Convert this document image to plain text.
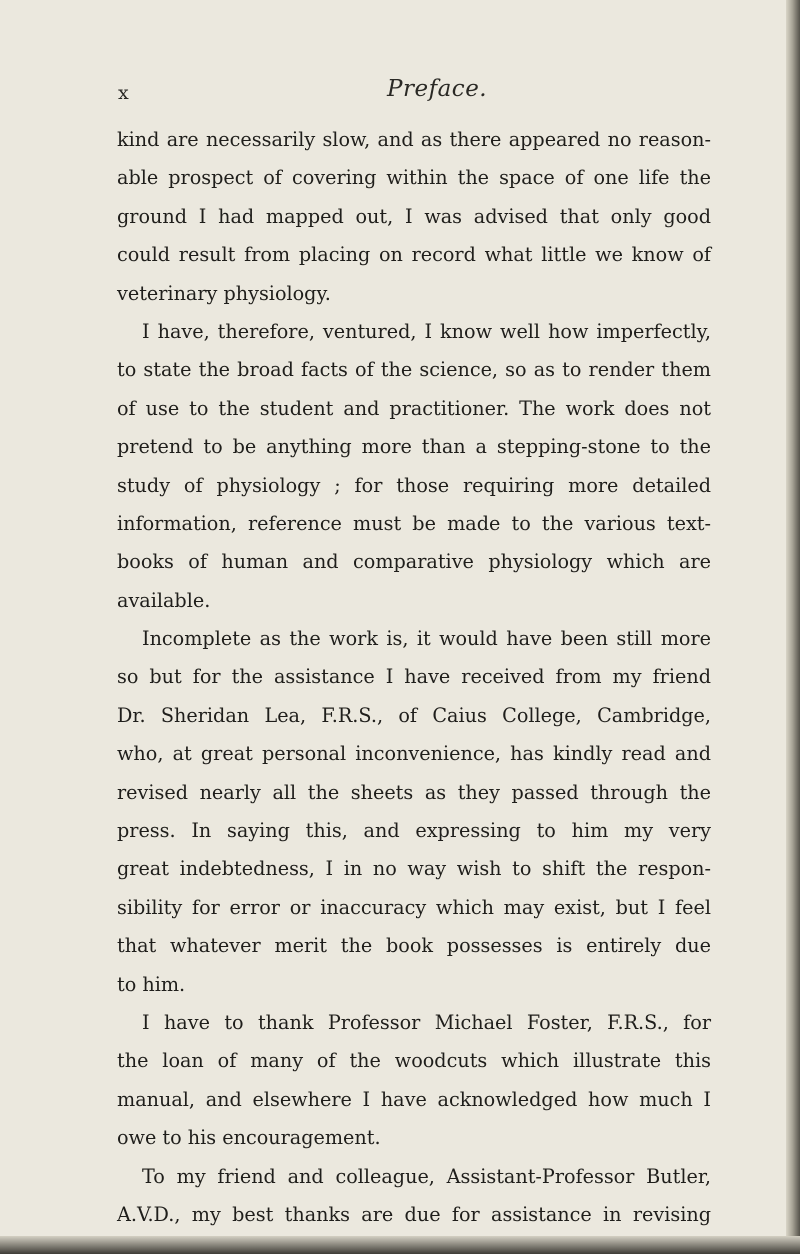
x	Preface.
kind are necessarily slow, and as there appeared no reason-
able prospect of covering within the space of one life the
ground I had mapped out, I was advised that only good
could result from placing on record what little we know of
veterinary physiology.
I have, therefore, ventured, I know well how imperfectly,
to state the broad facts of the science, so as to render them
of use to the student and practitioner. The work does not
pretend to be anything more than a stepping-stone to the
study of physiology ; for those requiring more detailed
information, reference must be made to the various text-
books of human and comparative physiology which are
available.
Incomplete as the work is, it would have been still more
so but for the assistance I have received from my friend
Dr. Sheridan Lea, F.R.S., of Caius College, Cambridge,
who, at great personal inconvenience, has kindly read and
revised nearly all the sheets as they passed through the
press. In saying this, and expressing to him my very
great indebtedness, I in no way wish to shift the respon-
sibility for error or inaccuracy which may exist, but I feel
that whatever merit the book possesses is entirely due
to him.
I have to thank Professor Michael Foster, F.R.S., for
the loan of many of the woodcuts which illustrate this
manual, and elsewhere I have acknowledged how much I
owe to his encouragement.
To my friend and colleague, Assistant-Professor Butler,
A.V.D., my best thanks are due for assistance in revising
